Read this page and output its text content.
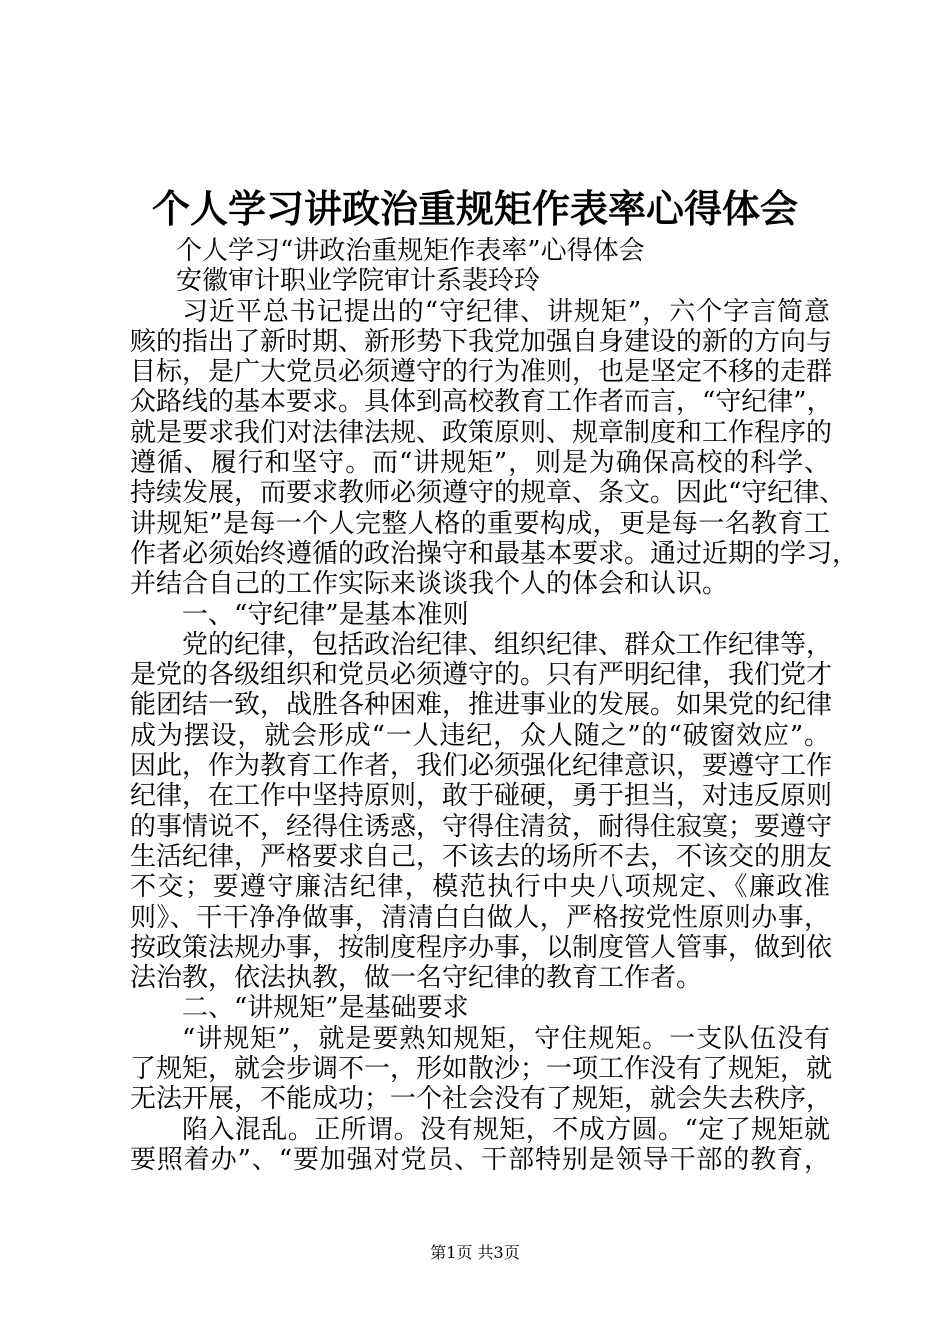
个人学习讲政治重规矩作表率心得体会
个人学习“讲政治重规矩作表率”心得体会
安徽审计职业学院审计系裴玲玲
习近平总书记提出的“守纪律、讲规矩”，六个字言简意
赅的指出了新时期、新形势下我党加强自身建设的新的方向与
目标，是广大党员必须遵守的行为准则，也是坚定不移的走群
众路线的基本要求。具体到高校教育工作者而言，“守纪律”，
就是要求我们对法律法规、政策原则、规章制度和工作程序的
遵循、履行和坚守。而“讲规矩”，则是为确保高校的科学、
持续发展，而要求教师必须遵守的规章、条文。因此“守纪律、
讲规矩”是每一个人完整人格的重要构成，更是每一名教育工
作者必须始终遵循的政治操守和最基本要求。通过近期的学习，
并结合自己的工作实际来谈谈我个人的体会和认识。
一、“守纪律”是基本准则
党的纪律，包括政治纪律、组织纪律、群众工作纪律等，
是党的各级组织和党员必须遵守的。只有严明纪律，我们党才
能团结一致，战胜各种困难，推进事业的发展。如果党的纪律
成为摆设，就会形成“一人违纪，众人随之”的“破窗效应”。
因此，作为教育工作者，我们必须强化纪律意识，要遵守工作
纪律，在工作中坚持原则，敢于碰硬，勇于担当，对违反原则
的事情说不，经得住诱惑，守得住清贫，耐得住寂寞；要遵守
生活纪律，严格要求自己，不该去的场所不去，不该交的朋友
不交；要遵守廉洁纪律，模范执行中央八项规定、《廉政准
则》、干干净净做事，清清白白做人，严格按党性原则办事，
按政策法规办事，按制度程序办事，以制度管人管事，做到依
法治教，依法执教，做一名守纪律的教育工作者。
二、“讲规矩”是基础要求
“讲规矩”，就是要熟知规矩，守住规矩。一支队伍没有
了规矩，就会步调不一，形如散沙；一项工作没有了规矩，就
无法开展，不能成功；一个社会没有了规矩，就会失去秩序，
陷入混乱。正所谓。没有规矩，不成方圆。“定了规矩就
要照着办”、“要加强对党员、干部特别是领导干部的教育，
第1页 共3页
